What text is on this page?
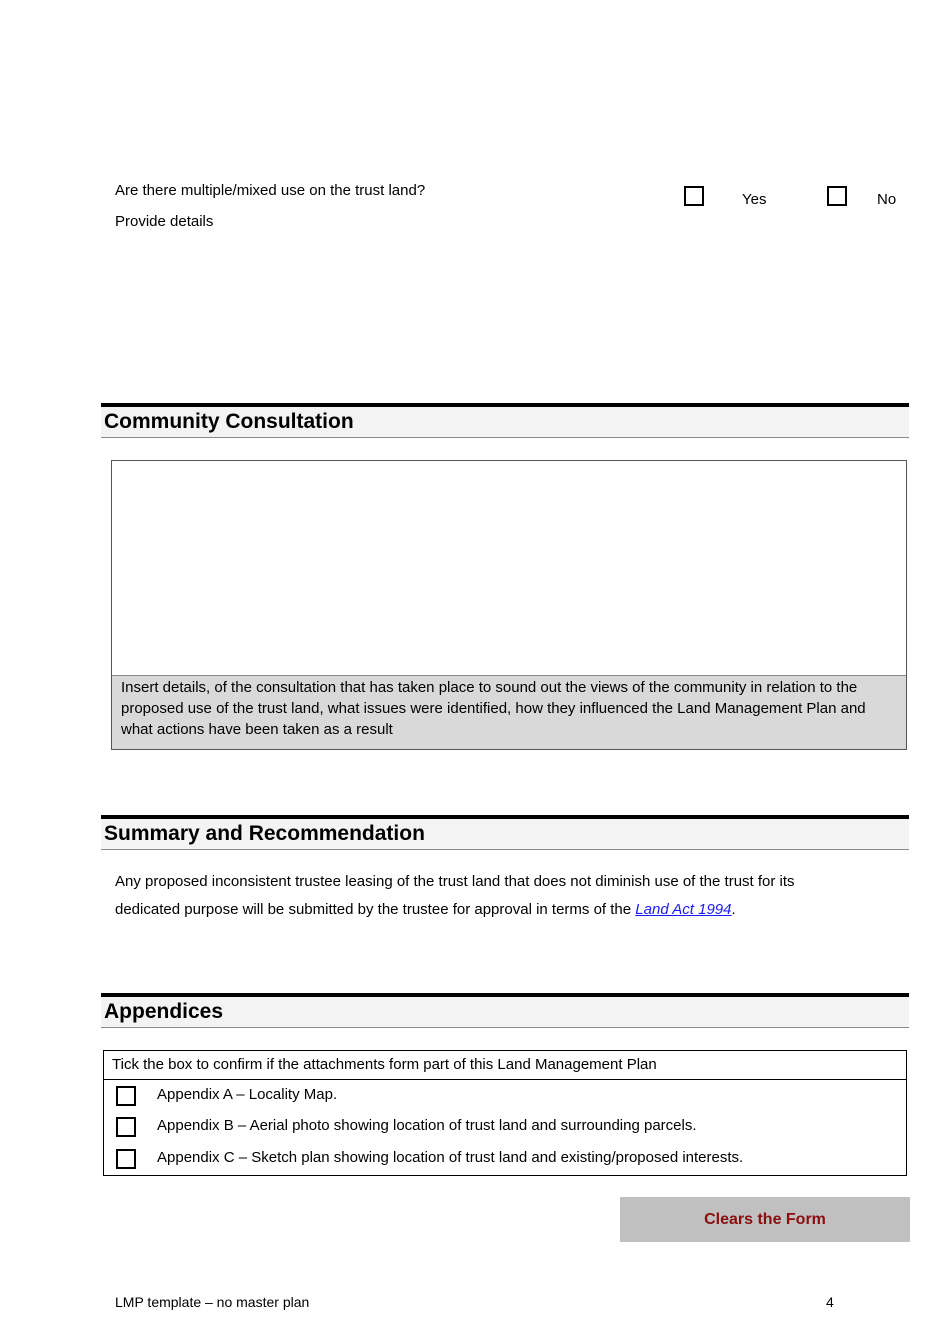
Are there multiple/mixed use on the trust land?
Provide details
Yes	No
Community Consultation
Insert details, of the consultation that has taken place to sound out the views of the community in relation to the proposed use of the trust land, what issues were identified, how they influenced the Land Management Plan and what actions have been taken as a result
Summary and Recommendation
Any proposed inconsistent trustee leasing of the trust land that does not diminish use of the trust for its dedicated purpose will be submitted by the trustee for approval in terms of the Land Act 1994.
Appendices
Tick the box to confirm if the attachments form part of this Land Management Plan
Appendix A – Locality Map.
Appendix B – Aerial photo showing location of trust land and surrounding parcels.
Appendix C – Sketch plan showing location of trust land and existing/proposed interests.
Clears the Form
LMP template – no master plan	4
